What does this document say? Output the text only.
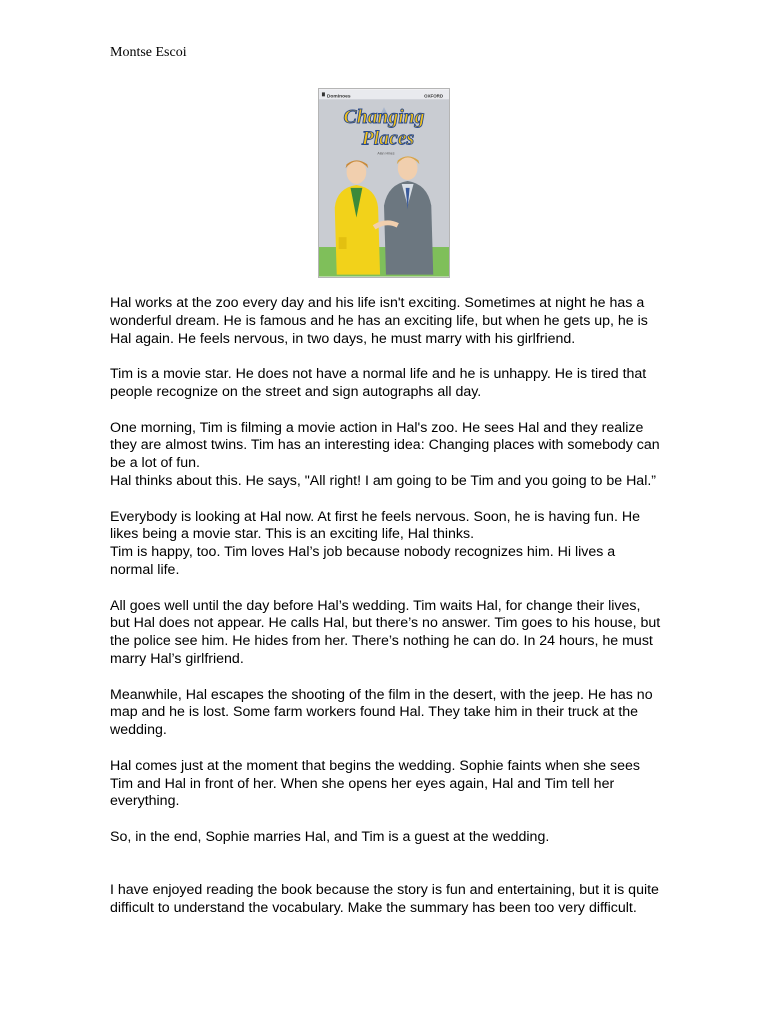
Montse Escoi
Dominoes	OXFORD
Changing
Places
Alan Hines

Hal works at the zoo every day and his life isn't exciting. Sometimes at night he has a wonderful dream. He is famous and he has an exciting life, but when he gets up, he is Hal again. He feels nervous, in two days, he must marry with his girlfriend.

Tim is a movie star. He does not have a normal life and he is unhappy. He is tired that people recognize on the street and sign autographs all day.

One morning, Tim is filming a movie action in Hal's zoo. He sees Hal and they realize they are almost twins. Tim has an interesting idea: Changing places with somebody can be a lot of fun.

Hal thinks about this. He says, "All right! I am going to be Tim and you going to be Hal.”

Everybody is looking at Hal now. At first he feels nervous. Soon, he is having fun. He likes being a movie star. This is an exciting life, Hal thinks.

Tim is happy, too. Tim loves Hal’s job because nobody recognizes him. Hi lives a normal life.

All goes well until the day before Hal’s wedding. Tim waits Hal, for change their lives, but Hal does not appear. He calls Hal, but there’s no answer. Tim goes to his house, but the police see him. He hides from her. There’s nothing he can do. In 24 hours, he must marry Hal’s girlfriend.

Meanwhile, Hal escapes the shooting of the film in the desert, with the jeep. He has no map and he is lost. Some farm workers found Hal. They take him in their truck at the wedding.

Hal comes just at the moment that begins the wedding. Sophie faints when she sees Tim and Hal in front of her. When she opens her eyes again, Hal and Tim tell her everything.

So, in the end, Sophie marries Hal, and Tim is a guest at the wedding.

I have enjoyed reading the book because the story is fun and entertaining, but it is quite difficult to understand the vocabulary. Make the summary has been too very difficult.
